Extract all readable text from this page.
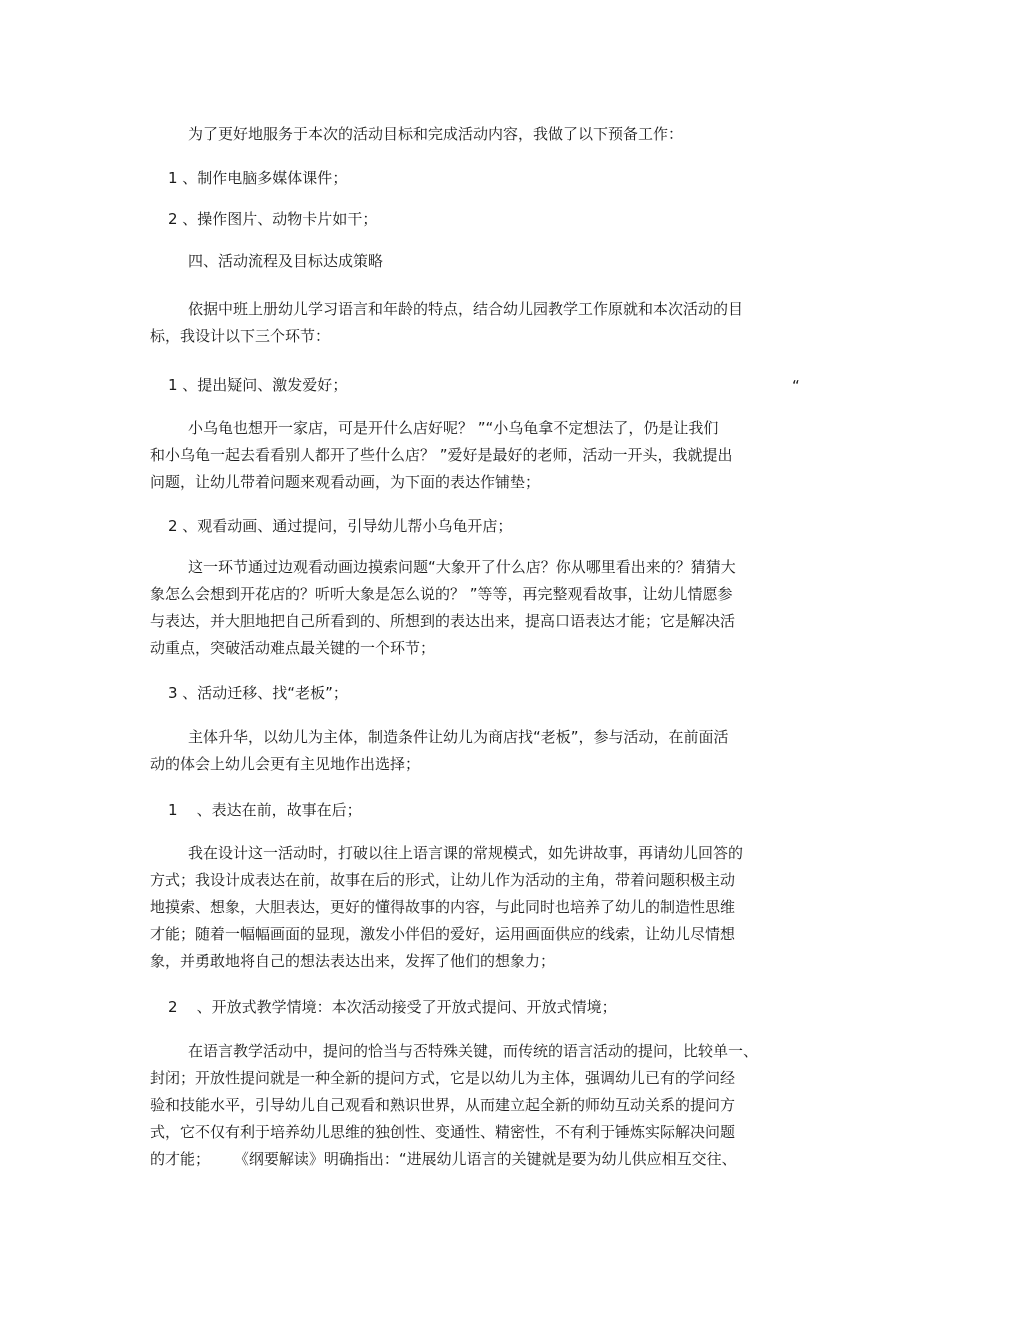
为了更好地服务于本次的活动目标和完成活动内容，我做了以下预备工作：

1 、制作电脑多媒体课件；

2 、操作图片、动物卡片如干；

四、活动流程及目标达成策略

依据中班上册幼儿学习语言和年龄的特点，结合幼儿园教学工作原就和本次活动的目

标，我设计以下三个环节：

1 、提出疑问、激发爱好；	“

小乌龟也想开一家店，可是开什么店好呢？ ”“小乌龟拿不定想法了，仍是让我们

和小乌龟一起去看看别人都开了些什么店？ ”爱好是最好的老师，活动一开头，我就提出

问题，让幼儿带着问题来观看动画，为下面的表达作铺垫；

2 、观看动画、通过提问，引导幼儿帮小乌龟开店；

这一环节通过边观看动画边摸索问题“大象开了什么店？你从哪里看出来的？猜猜大

象怎么会想到开花店的？听听大象是怎么说的？ ”等等，再完整观看故事，让幼儿情愿参

与表达，并大胆地把自己所看到的、所想到的表达出来，提高口语表达才能；它是解决活

动重点，突破活动难点最关键的一个环节；

3 、活动迁移、找“老板”；

主体升华，以幼儿为主体，制造条件让幼儿为商店找“老板”，参与活动，在前面活

动的体会上幼儿会更有主见地作出选择；

1    、表达在前，故事在后；

我在设计这一活动时，打破以往上语言课的常规模式，如先讲故事，再请幼儿回答的

方式；我设计成表达在前，故事在后的形式，让幼儿作为活动的主角，带着问题积极主动

地摸索、想象，大胆表达，更好的懂得故事的内容，与此同时也培养了幼儿的制造性思维

才能；随着一幅幅画面的显现，激发小伴侣的爱好，运用画面供应的线索，让幼儿尽情想

象，并勇敢地将自己的想法表达出来，发挥了他们的想象力；

2    、开放式教学情境：本次活动接受了开放式提问、开放式情境；

在语言教学活动中，提问的恰当与否特殊关键，而传统的语言活动的提问，比较单一、

封闭；开放性提问就是一种全新的提问方式，它是以幼儿为主体，强调幼儿已有的学问经

验和技能水平，引导幼儿自己观看和熟识世界，从而建立起全新的师幼互动关系的提问方

式，它不仅有利于培养幼儿思维的独创性、变通性、精密性，不有利于锤炼实际解决问题

的才能；     《纲要解读》明确指出：“进展幼儿语言的关键就是要为幼儿供应相互交往、
